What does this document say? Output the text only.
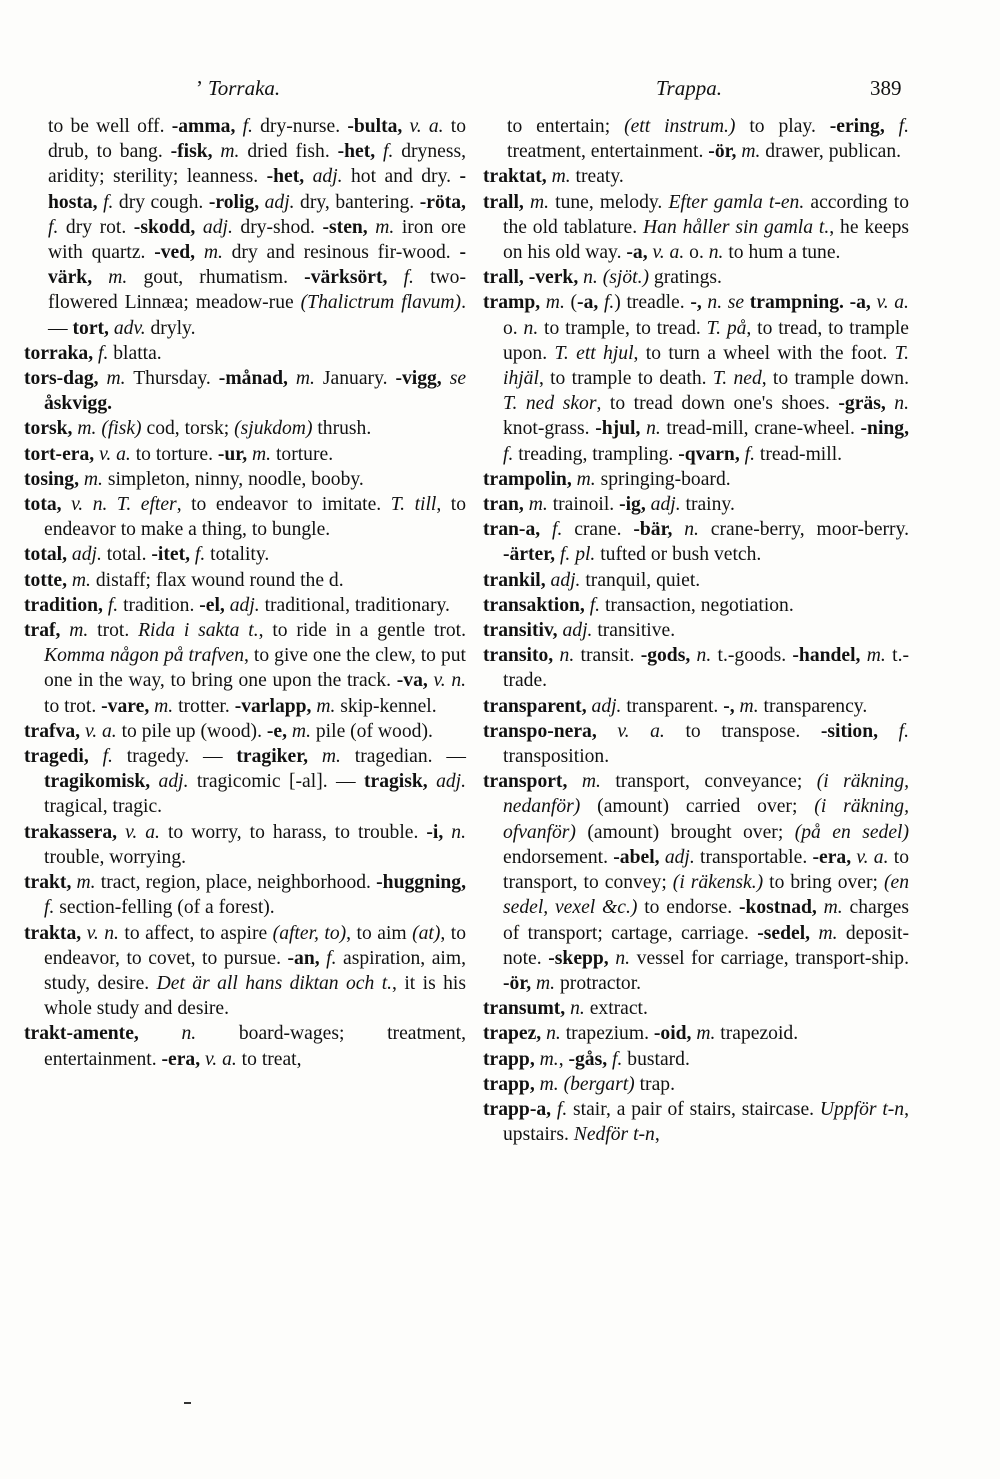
’ Torraka.	Trappa.	389

to be well off. -amma, f. dry-nurse. -bulta, v. a. to drub, to bang. -fisk, m. dried fish. -het, f. dryness, aridity; sterility; leanness. -het, adj. hot and dry. -hosta, f. dry cough. -rolig, adj. dry, bantering. -röta, f. dry rot. -skodd, adj. dry-shod. -sten, m. iron ore with quartz. -ved, m. dry and resinous fir-wood. -värk, m. gout, rhumatism. -värksört, f. two-flowered Linnæa; meadow-rue (Thalictrum flavum). — tort, adv. dryly.

torraka, f. blatta.

tors-dag, m. Thursday. -månad, m. January. -vigg, se åskvigg.

torsk, m. (fisk) cod, torsk; (sjukdom) thrush.

tort-era, v. a. to torture. -ur, m. torture.

tosing, m. simpleton, ninny, noodle, booby.

tota, v. n. T. efter, to endeavor to imitate. T. till, to endeavor to make a thing, to bungle.

total, adj. total. -itet, f. totality.

totte, m. distaff; flax wound round the d.

tradition, f. tradition. -el, adj. traditional, traditionary.

traf, m. trot. Rida i sakta t., to ride in a gentle trot. Komma någon på trafven, to give one the clew, to put one in the way, to bring one upon the track. -va, v. n. to trot. -vare, m. trotter. -varlapp, m. skip-kennel.

trafva, v. a. to pile up (wood). -e, m. pile (of wood).

tragedi, f. tragedy. — tragiker, m. tragedian. — tragikomisk, adj. tragicomic [-al]. — tragisk, adj. tragical, tragic.

trakassera, v. a. to worry, to harass, to trouble. -i, n. trouble, worrying.

trakt, m. tract, region, place, neighborhood. -huggning, f. section-felling (of a forest).

trakta, v. n. to affect, to aspire (after, to), to aim (at), to endeavor, to covet, to pursue. -an, f. aspiration, aim, study, desire. Det är all hans diktan och t., it is his whole study and desire.

trakt-amente, n. board-wages; treatment, entertainment. -era, v. a. to treat,

to entertain; (ett instrum.) to play. -ering, f. treatment, entertainment. -ör, m. drawer, publican.

traktat, m. treaty.

trall, m. tune, melody. Efter gamla t-en. according to the old tablature. Han håller sin gamla t., he keeps on his old way. -a, v. a. o. n. to hum a tune.

trall, -verk, n. (sjöt.) gratings.

tramp, m. (-a, f.) treadle. -, n. se trampning. -a, v. a. o. n. to trample, to tread. T. på, to tread, to trample upon. T. ett hjul, to turn a wheel with the foot. T. ihjäl, to trample to death. T. ned, to trample down. T. ned skor, to tread down one's shoes. -gräs, n. knot-grass. -hjul, n. tread-mill, crane-wheel. -ning, f. treading, trampling. -qvarn, f. tread-mill.

trampolin, m. springing-board.

tran, m. trainoil. -ig, adj. trainy.

tran-a, f. crane. -bär, n. crane-berry, moor-berry. -ärter, f. pl. tufted or bush vetch.

trankil, adj. tranquil, quiet.

transaktion, f. transaction, negotiation.

transitiv, adj. transitive.

transito, n. transit. -gods, n. t.-goods. -handel, m. t.-trade.

transparent, adj. transparent. -, m. transparency.

transpo-nera, v. a. to transpose. -sition, f. transposition.

transport, m. transport, conveyance; (i räkning, nedanför) (amount) carried over; (i räkning, ofvanför) (amount) brought over; (på en sedel) endorsement. -abel, adj. transportable. -era, v. a. to transport, to convey; (i räkensk.) to bring over; (en sedel, vexel &c.) to endorse. -kostnad, m. charges of transport; cartage, carriage. -sedel, m. deposit-note. -skepp, n. vessel for carriage, transport-ship. -ör, m. protractor.

transumt, n. extract.

trapez, n. trapezium. -oid, m. trapezoid.

trapp, m., -gås, f. bustard.

trapp, m. (bergart) trap.

trapp-a, f. stair, a pair of stairs, staircase. Uppför t-n, upstairs. Nedför t-n,
